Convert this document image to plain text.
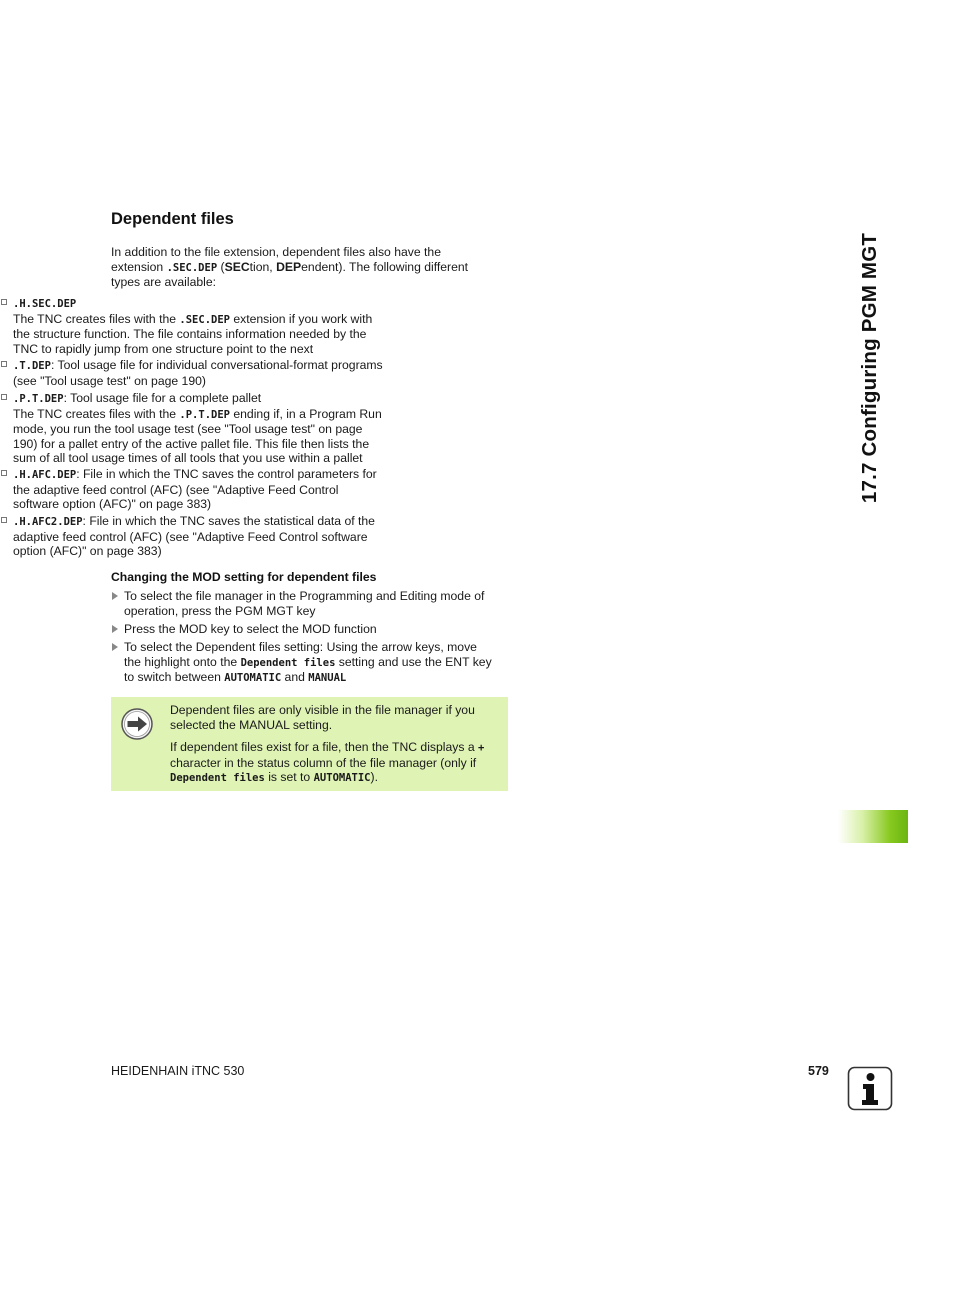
17.7 Configuring PGM MGT
Dependent files
In addition to the file extension, dependent files also have the
extension .SEC.DEP (SECtion, DEPendent). The following different
types are available:
.H.SEC.DEP
The TNC creates files with the .SEC.DEP extension if you work with
the structure function. The file contains information needed by the
TNC to rapidly jump from one structure point to the next
.T.DEP: Tool usage file for individual conversational-format programs
(see "Tool usage test" on page 190)
.P.T.DEP: Tool usage file for a complete pallet
The TNC creates files with the .P.T.DEP ending if, in a Program Run
mode, you run the tool usage test (see "Tool usage test" on page
190) for a pallet entry of the active pallet file. This file then lists the
sum of all tool usage times of all tools that you use within a pallet
.H.AFC.DEP: File in which the TNC saves the control parameters for
the adaptive feed control (AFC) (see "Adaptive Feed Control
software option (AFC)" on page 383)
.H.AFC2.DEP: File in which the TNC saves the statistical data of the
adaptive feed control (AFC) (see "Adaptive Feed Control software
option (AFC)" on page 383)
Changing the MOD setting for dependent files
To select the file manager in the Programming and Editing mode of
operation, press the PGM MGT key
Press the MOD key to select the MOD function
To select the Dependent files setting: Using the arrow keys, move
the highlight onto the Dependent files setting and use the ENT key
to switch between AUTOMATIC and MANUAL
Dependent files are only visible in the file manager if you
selected the MANUAL setting.
If dependent files exist for a file, then the TNC displays a +
character in the status column of the file manager (only if
Dependent files is set to AUTOMATIC).
HEIDENHAIN iTNC 530	579
